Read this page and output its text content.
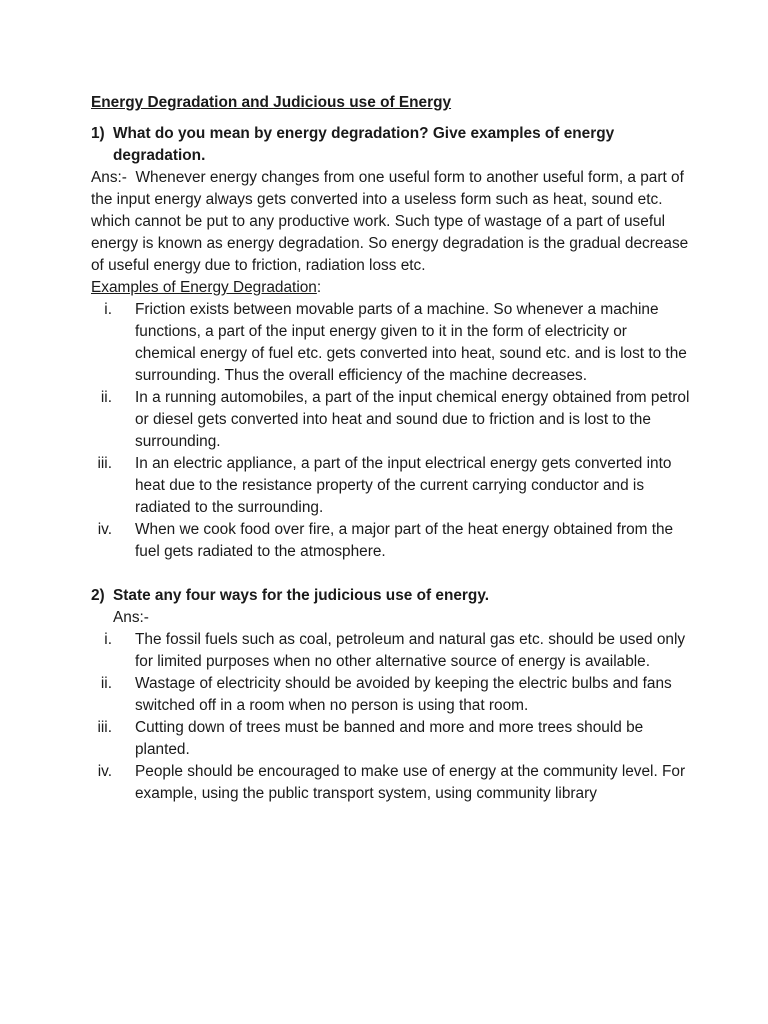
Energy Degradation and Judicious use of Energy
1) What do you mean by energy degradation? Give examples of energy degradation.

Ans:- Whenever energy changes from one useful form to another useful form, a part of the input energy always gets converted into a useless form such as heat, sound etc. which cannot be put to any productive work. Such type of wastage of a part of useful energy is known as energy degradation. So energy degradation is the gradual decrease of useful energy due to friction, radiation loss etc.

Examples of Energy Degradation:
i. Friction exists between movable parts of a machine. So whenever a machine functions, a part of the input energy given to it in the form of electricity or chemical energy of fuel etc. gets converted into heat, sound etc. and is lost to the surrounding. Thus the overall efficiency of the machine decreases.
ii. In a running automobiles, a part of the input chemical energy obtained from petrol or diesel gets converted into heat and sound due to friction and is lost to the surrounding.
iii. In an electric appliance, a part of the input electrical energy gets converted into heat due to the resistance property of the current carrying conductor and is radiated to the surrounding.
iv. When we cook food over fire, a major part of the heat energy obtained from the fuel gets radiated to the atmosphere.
2) State any four ways for the judicious use of energy.
Ans:-
i. The fossil fuels such as coal, petroleum and natural gas etc. should be used only for limited purposes when no other alternative source of energy is available.
ii. Wastage of electricity should be avoided by keeping the electric bulbs and fans switched off in a room when no person is using that room.
iii. Cutting down of trees must be banned and more and more trees should be planted.
iv. People should be encouraged to make use of energy at the community level. For example, using the public transport system, using community library
